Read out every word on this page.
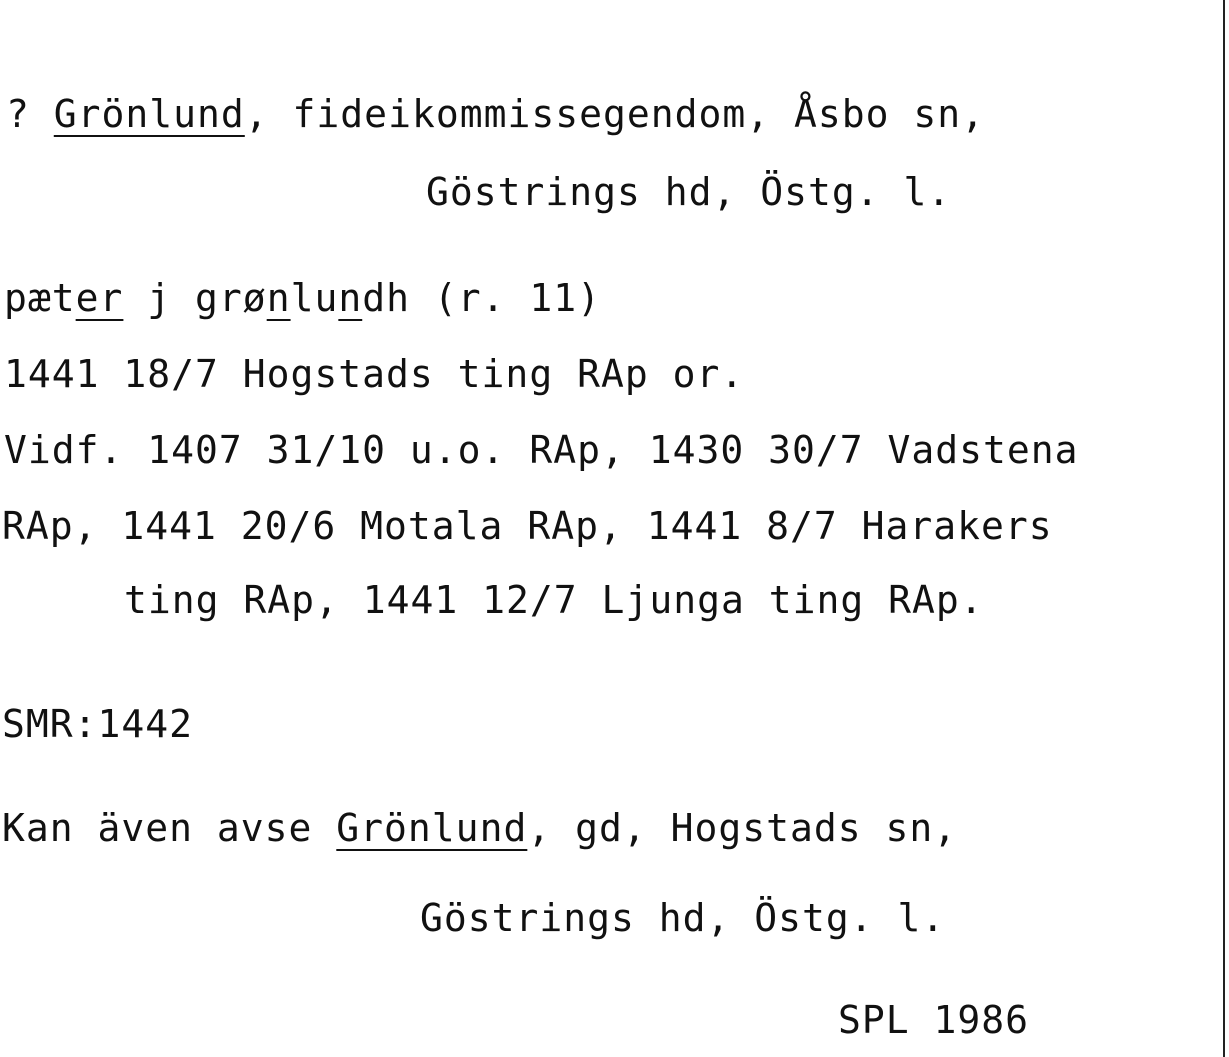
? Grönlund, fideikommissegendom, Åsbo sn,
Göstrings hd, Östg. l.
pæter j grønlundh (r. 11)
1441 18/7 Hogstads ting RAp or.
Vidf. 1407 31/10 u.o. RAp, 1430 30/7 Vadstena
RAp, 1441 20/6 Motala RAp, 1441 8/7 Harakers
ting RAp, 1441 12/7 Ljunga ting RAp.
SMR:1442
Kan även avse Grönlund, gd, Hogstads sn,
Göstrings hd, Östg. l.
SPL 1986
